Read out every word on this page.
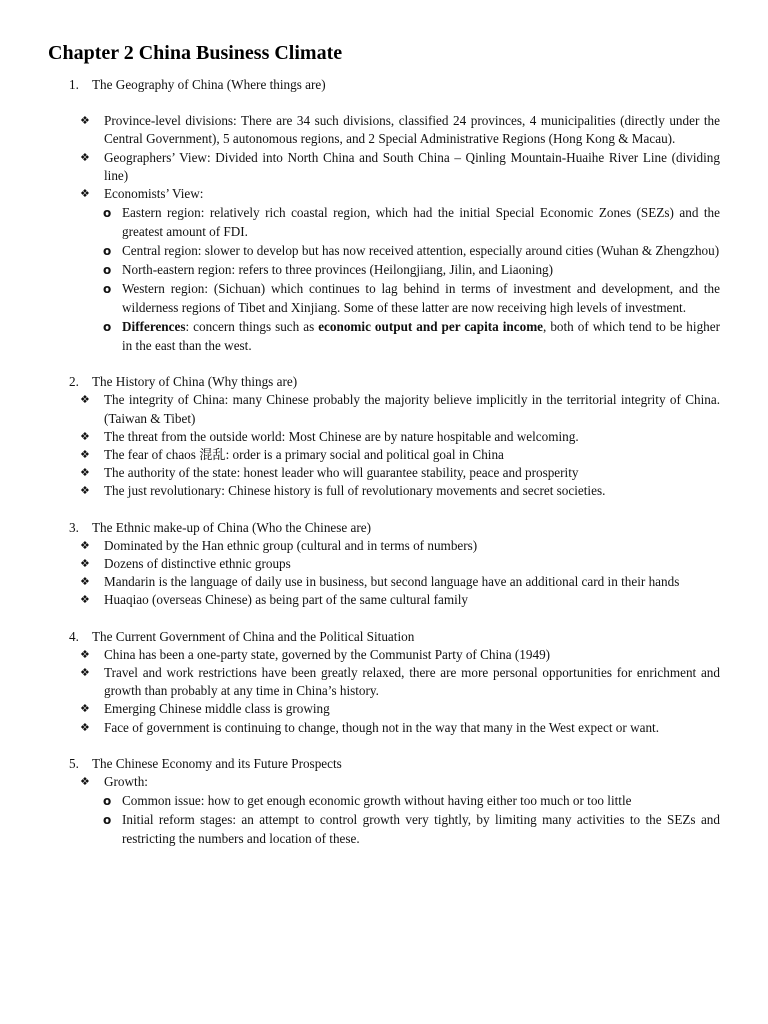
Chapter 2 China Business Climate

1. The Geography of China (Where things are)

❖ Province-level divisions: There are 34 such divisions, classified 24 provinces, 4 municipalities (directly under the Central Government), 5 autonomous regions, and 2 Special Administrative Regions (Hong Kong & Macau).
❖ Geographers’ View: Divided into North China and South China – Qinling Mountain-Huaihe River Line (dividing line)
❖ Economists’ View:
o Eastern region: relatively rich coastal region, which had the initial Special Economic Zones (SEZs) and the greatest amount of FDI.
o Central region: slower to develop but has now received attention, especially around cities (Wuhan & Zhengzhou)
o North-eastern region: refers to three provinces (Heilongjiang, Jilin, and Liaoning)
o Western region: (Sichuan) which continues to lag behind in terms of investment and development, and the wilderness regions of Tibet and Xinjiang. Some of these latter are now receiving high levels of investment.
o Differences: concern things such as economic output and per capita income, both of which tend to be higher in the east than the west.

2. The History of China (Why things are)

❖ The integrity of China: many Chinese probably the majority believe implicitly in the territorial integrity of China. (Taiwan & Tibet)
❖ The threat from the outside world: Most Chinese are by nature hospitable and welcoming.
❖ The fear of chaos 混乱: order is a primary social and political goal in China
❖ The authority of the state: honest leader who will guarantee stability, peace and prosperity
❖ The just revolutionary: Chinese history is full of revolutionary movements and secret societies.

3. The Ethnic make-up of China (Who the Chinese are)

❖ Dominated by the Han ethnic group (cultural and in terms of numbers)
❖ Dozens of distinctive ethnic groups
❖ Mandarin is the language of daily use in business, but second language have an additional card in their hands
❖ Huaqiao (overseas Chinese) as being part of the same cultural family

4. The Current Government of China and the Political Situation

❖ China has been a one-party state, governed by the Communist Party of China (1949)
❖ Travel and work restrictions have been greatly relaxed, there are more personal opportunities for enrichment and growth than probably at any time in China’s history.
❖ Emerging Chinese middle class is growing
❖ Face of government is continuing to change, though not in the way that many in the West expect or want.

5. The Chinese Economy and its Future Prospects

❖ Growth:
o Common issue: how to get enough economic growth without having either too much or too little
o Initial reform stages: an attempt to control growth very tightly, by limiting many activities to the SEZs and restricting the numbers and location of these.
